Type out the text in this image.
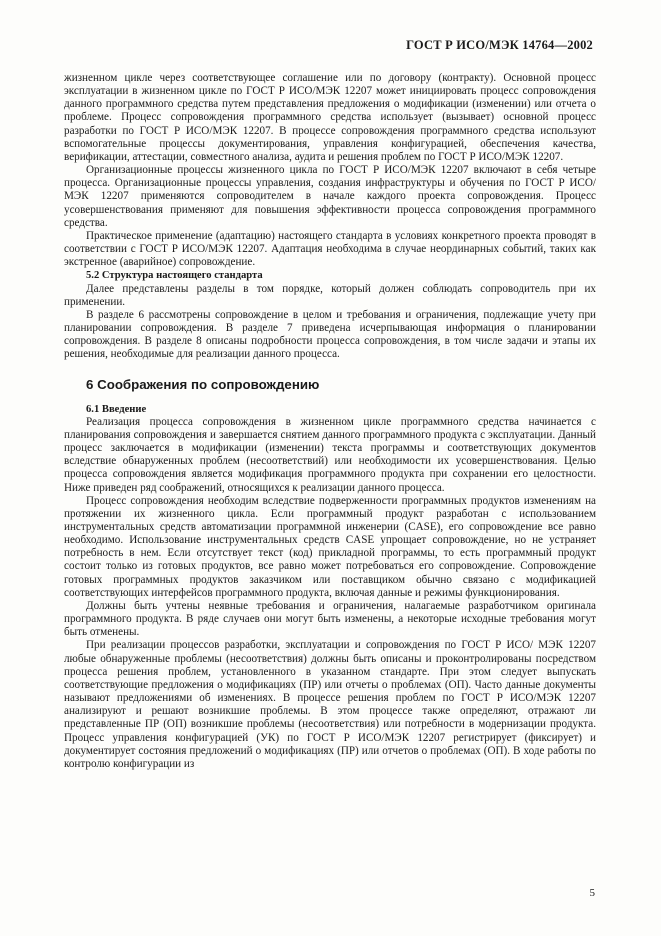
ГОСТ Р ИСО/МЭК 14764—2002

жизненном цикле через соответствующее соглашение или по договору (контракту). Основной процесс эксплуатации в жизненном цикле по ГОСТ Р ИСО/МЭК 12207 может инициировать процесс сопровождения данного программного средства путем представления предложения о модификации (изменении) или отчета о проблеме. Процесс сопровождения программного средства использует (вызывает) основной процесс разработки по ГОСТ Р ИСО/МЭК 12207. В процессе сопровождения программного средства используют вспомогательные процессы документирования, управления конфигурацией, обеспечения качества, верификации, аттестации, совместного анализа, аудита и решения проблем по ГОСТ Р ИСО/МЭК 12207.

Организационные процессы жизненного цикла по ГОСТ Р ИСО/МЭК 12207 включают в себя четыре процесса. Организационные процессы управления, создания инфраструктуры и обучения по ГОСТ Р ИСО/МЭК 12207 применяются сопроводителем в начале каждого проекта сопровождения. Процесс усовершенствования применяют для повышения эффективности процесса сопровождения программного средства.

Практическое применение (адаптацию) настоящего стандарта в условиях конкретного проекта проводят в соответствии с ГОСТ Р ИСО/МЭК 12207. Адаптация необходима в случае неординарных событий, таких как экстренное (аварийное) сопровождение.

5.2 Структура настоящего стандарта

Далее представлены разделы в том порядке, который должен соблюдать сопроводитель при их применении.

В разделе 6 рассмотрены сопровождение в целом и требования и ограничения, подлежащие учету при планировании сопровождения. В разделе 7 приведена исчерпывающая информация о планировании сопровождения. В разделе 8 описаны подробности процесса сопровождения, в том числе задачи и этапы их решения, необходимые для реализации данного процесса.

6 Соображения по сопровождению
6.1 Введение

Реализация процесса сопровождения в жизненном цикле программного средства начинается с планирования сопровождения и завершается снятием данного программного продукта с эксплуатации. Данный процесс заключается в модификации (изменении) текста программы и соответствующих документов вследствие обнаруженных проблем (несоответствий) или необходимости их усовершенствования. Целью процесса сопровождения является модификация программного продукта при сохранении его целостности. Ниже приведен ряд соображений, относящихся к реализации данного процесса.

Процесс сопровождения необходим вследствие подверженности программных продуктов изменениям на протяжении их жизненного цикла. Если программный продукт разработан с использованием инструментальных средств автоматизации программной инженерии (CASE), его сопровождение все равно необходимо. Использование инструментальных средств CASE упрощает сопровождение, но не устраняет потребность в нем. Если отсутствует текст (код) прикладной программы, то есть программный продукт состоит только из готовых продуктов, все равно может потребоваться его сопровождение. Сопровождение готовых программных продуктов заказчиком или поставщиком обычно связано с модификацией соответствующих интерфейсов программного продукта, включая данные и режимы функционирования.

Должны быть учтены неявные требования и ограничения, налагаемые разработчиком оригинала программного продукта. В ряде случаев они могут быть изменены, а некоторые исходные требования могут быть отменены.

При реализации процессов разработки, эксплуатации и сопровождения по ГОСТ Р ИСО/ МЭК 12207 любые обнаруженные проблемы (несоответствия) должны быть описаны и проконтролированы посредством процесса решения проблем, установленного в указанном стандарте. При этом следует выпускать соответствующие предложения о модификациях (ПР) или отчеты о проблемах (ОП). Часто данные документы называют предложениями об изменениях. В процессе решения проблем по ГОСТ Р ИСО/МЭК 12207 анализируют и решают возникшие проблемы. В этом процессе также определяют, отражают ли представленные ПР (ОП) возникшие проблемы (несоответствия) или потребности в модернизации продукта. Процесс управления конфигурацией (УК) по ГОСТ Р ИСО/МЭК 12207 регистрирует (фиксирует) и документирует состояния предложений о модификациях (ПР) или отчетов о проблемах (ОП). В ходе работы по контролю конфигурации из

5
